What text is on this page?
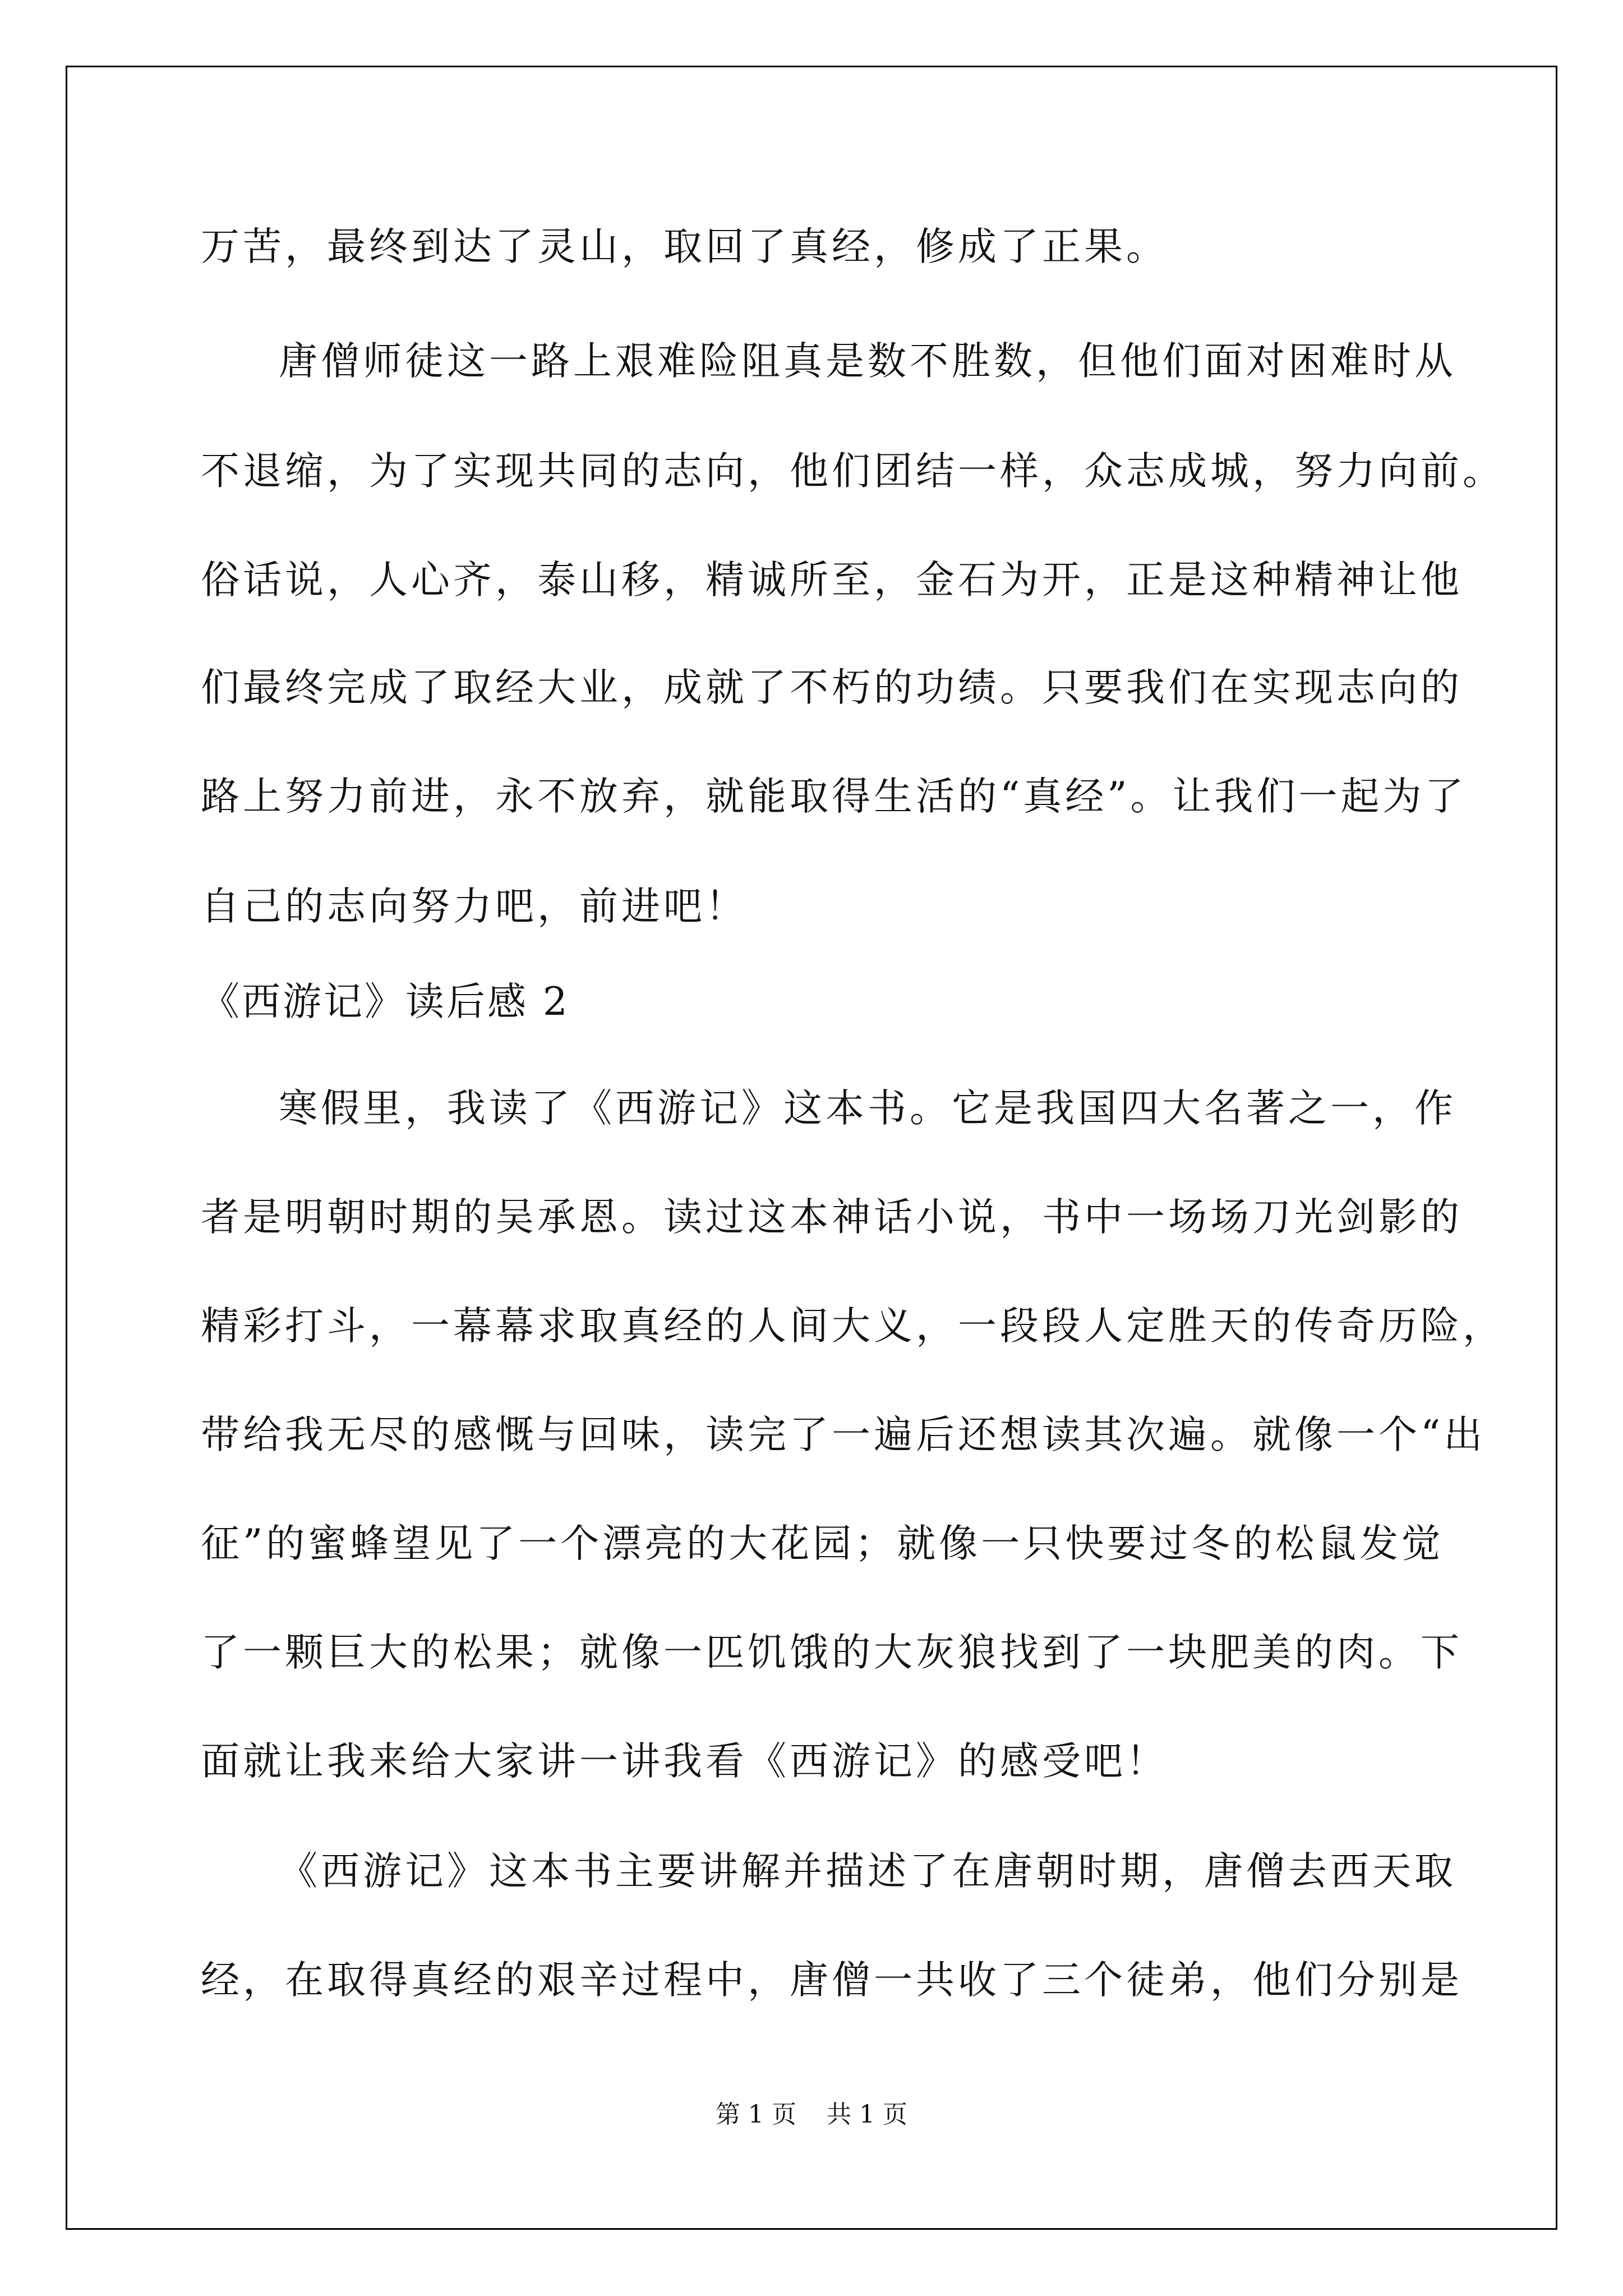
万苦，最终到达了灵山，取回了真经，修成了正果。
唐僧师徒这一路上艰难险阻真是数不胜数，但他们面对困难时从
不退缩，为了实现共同的志向，他们团结一样，众志成城，努力向前。
俗话说，人心齐，泰山移，精诚所至，金石为开，正是这种精神让他
们最终完成了取经大业，成就了不朽的功绩。只要我们在实现志向的
路上努力前进，永不放弃，就能取得生活的“真经”。让我们一起为了
自己的志向努力吧，前进吧！
《西游记》读后感 2
寒假里，我读了《西游记》这本书。它是我国四大名著之一，作
者是明朝时期的吴承恩。读过这本神话小说，书中一场场刀光剑影的
精彩打斗，一幕幕求取真经的人间大义，一段段人定胜天的传奇历险，
带给我无尽的感慨与回味，读完了一遍后还想读其次遍。就像一个“出
征”的蜜蜂望见了一个漂亮的大花园；就像一只快要过冬的松鼠发觉
了一颗巨大的松果；就像一匹饥饿的大灰狼找到了一块肥美的肉。下
面就让我来给大家讲一讲我看《西游记》的感受吧！
《西游记》这本书主要讲解并描述了在唐朝时期，唐僧去西天取
经，在取得真经的艰辛过程中，唐僧一共收了三个徒弟，他们分别是
第 1 页 共 1 页
